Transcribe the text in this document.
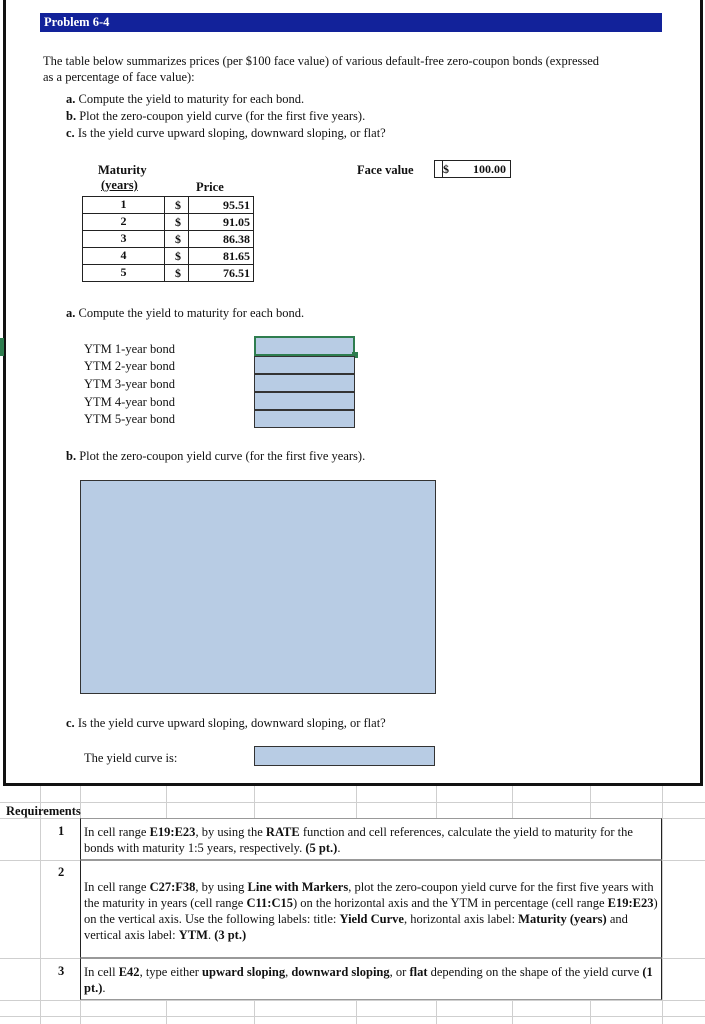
Problem 6-4
The table below summarizes prices (per $100 face value) of various default-free zero-coupon bonds (expressed
as a percentage of face value):
a. Compute the yield to maturity for each bond.
b. Plot the zero-coupon yield curve (for the first five years).
c. Is the yield curve upward sloping, downward sloping, or flat?
Maturity
(years)	Price
Face value $ 100.00
1	$	95.51
2	$	91.05
3	$	86.38
4	$	81.65
5	$	76.51
a. Compute the yield to maturity for each bond.
YTM 1-year bond
YTM 2-year bond
YTM 3-year bond
YTM 4-year bond
YTM 5-year bond
b. Plot the zero-coupon yield curve (for the first five years).
c. Is the yield curve upward sloping, downward sloping, or flat?
The yield curve is:
Requirements
1 In cell range E19:E23, by using the RATE function and cell references, calculate the yield to maturity for the bonds with maturity 1:5 years, respectively. (5 pt.).
2
In cell range C27:F38, by using Line with Markers, plot the zero-coupon yield curve for the first five years with the maturity in years (cell range C11:C15) on the horizontal axis and the YTM in percentage (cell range E19:E23) on the vertical axis. Use the following labels: title: Yield Curve, horizontal axis label: Maturity (years) and vertical axis label: YTM. (3 pt.)
3 In cell E42, type either upward sloping, downward sloping, or flat depending on the shape of the yield curve (1 pt.).
